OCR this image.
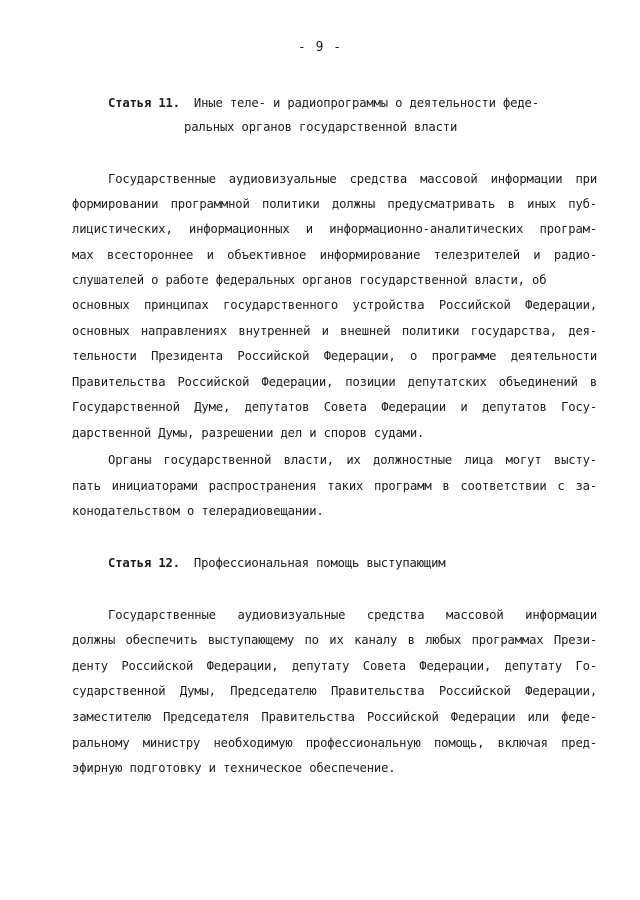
- 9 -
Статья 11. Иные теле- и радиопрограммы о деятельности феде-
ральных органов государственной власти
Государственные аудиовизуальные средства массовой информации при
формировании программной политики должны предусматривать в иных пуб-
лицистических, информационных и информационно-аналитических програм-
мах всестороннее и объективное информирование телезрителей и радио-
слушателей о работе федеральных органов государственной власти, об
основных принципах государственного устройства Российской Федерации,
основных направлениях внутренней и внешней политики государства, дея-
тельности Президента Российской Федерации, о программе деятельности
Правительства Российской Федерации, позиции депутатских объединений в
Государственной Думе, депутатов Совета Федерации и депутатов Госу-
дарственной Думы, разрешении дел и споров судами.
Органы государственной власти, их должностные лица могут высту-
пать инициаторами распространения таких программ в соответствии с за-
конодательством о телерадиовещании.
Статья 12. Профессиональная помощь выступающим
Государственные аудиовизуальные средства массовой информации
должны обеспечить выступающему по их каналу в любых программах Прези-
денту Российской Федерации, депутату Совета Федерации, депутату Го-
сударственной Думы, Председателю Правительства Российской Федерации,
заместителю Председателя Правительства Российской Федерации или феде-
ральному министру необходимую профессиональную помощь, включая пред-
эфирную подготовку и техническое обеспечение.
